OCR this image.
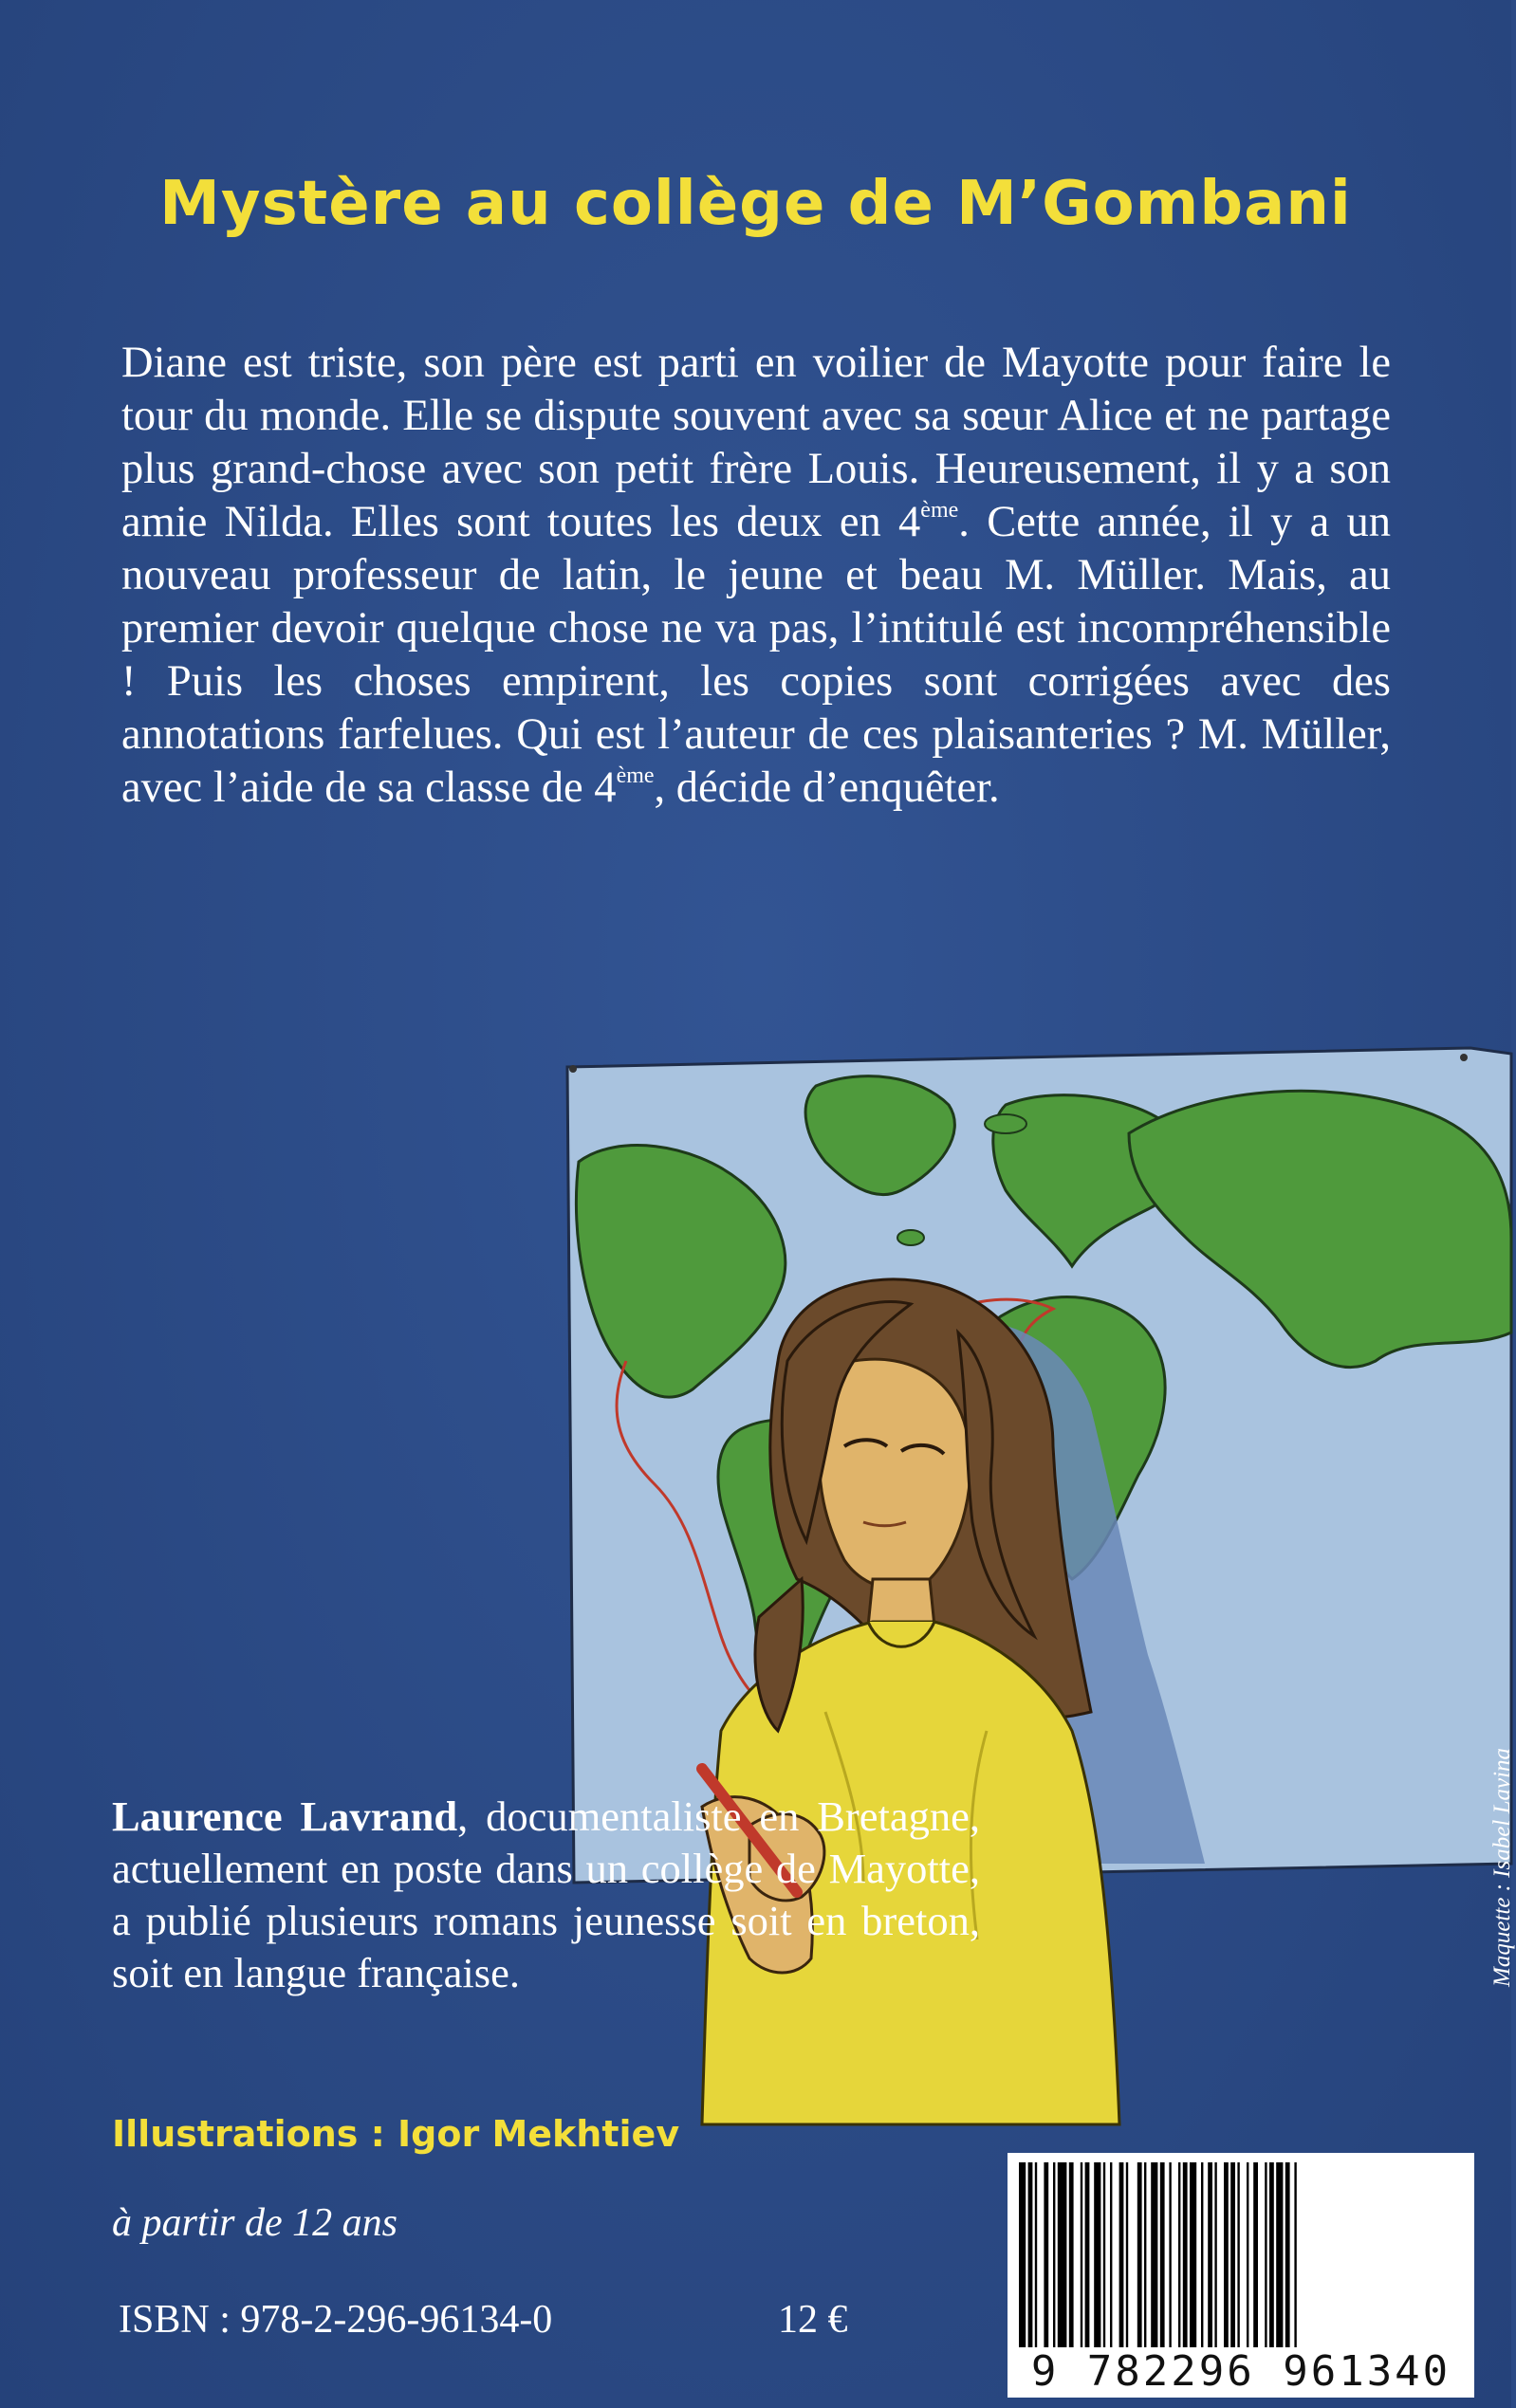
Mystère au collège de M’Gombani

Diane est triste, son père est parti en voilier de Mayotte pour faire le tour du monde. Elle se dispute souvent avec sa sœur Alice et ne partage plus grand-chose avec son petit frère Louis. Heureusement, il y a son amie Nilda. Elles sont toutes les deux en 4ème. Cette année, il y a un nouveau professeur de latin, le jeune et beau M. Müller. Mais, au premier devoir quelque chose ne va pas, l’intitulé est incompréhensible ! Puis les choses empirent, les copies sont corrigées avec des annotations farfelues. Qui est l’auteur de ces plaisanteries ? M. Müller, avec l’aide de sa classe de 4ème, décide d’enquêter.

Laurence Lavrand, documentaliste en Bretagne, actuellement en poste dans un collège de Mayotte, a publié plusieurs romans jeunesse soit en breton, soit en langue française.

Illustrations : Igor Mekhtiev
à partir de 12 ans
ISBN : 978-2-296-96134-0	12 €
Maquette : Isabel Lavina
9 782296 961340
